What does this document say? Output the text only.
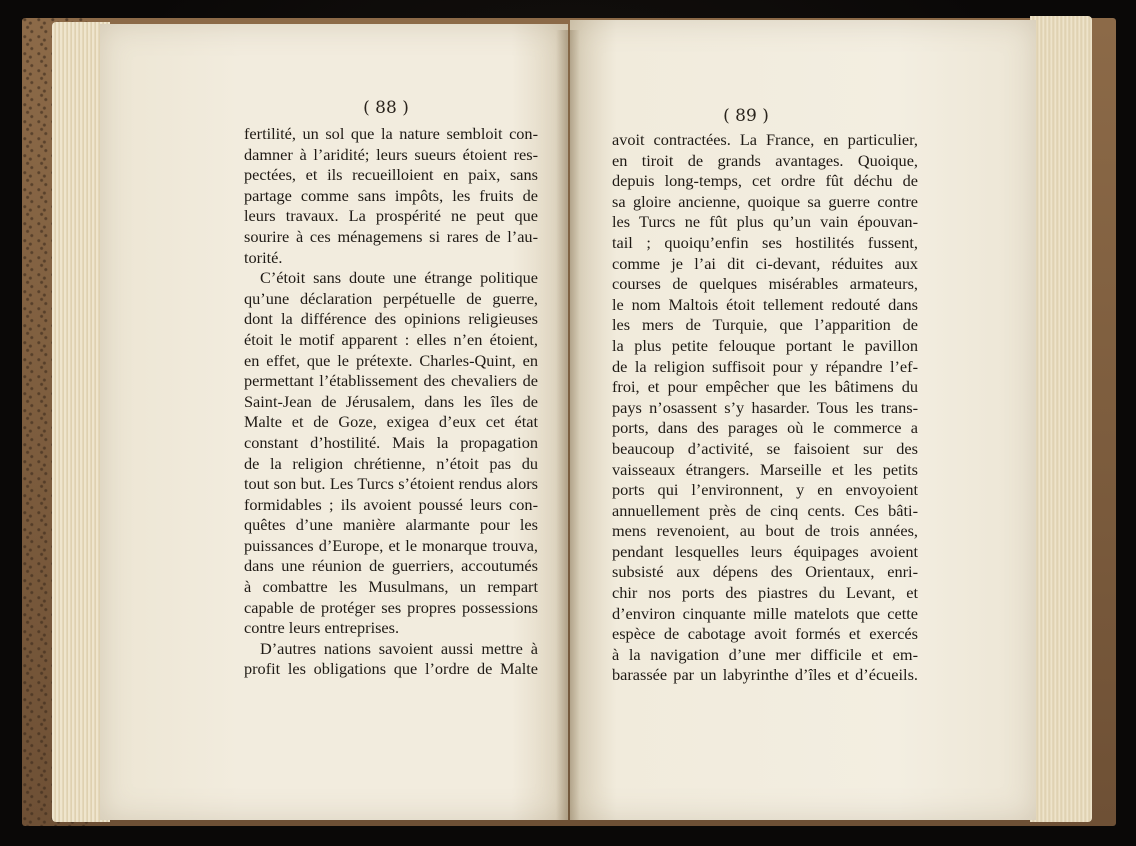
( 88 )
fertilité, un sol que la nature sembloit con-
damner à l’aridité; leurs sueurs étoient res-
pectées, et ils recueilloient en paix, sans
partage comme sans impôts, les fruits de
leurs travaux. La prospérité ne peut que
sourire à ces ménagemens si rares de l’au-
torité.
C’étoit sans doute une étrange politique
qu’une déclaration perpétuelle de guerre,
dont la différence des opinions religieuses
étoit le motif apparent : elles n’en étoient,
en effet, que le prétexte. Charles-Quint, en
permettant l’établissement des chevaliers de
Saint-Jean de Jérusalem, dans les îles de
Malte et de Goze, exigea d’eux cet état
constant d’hostilité. Mais la propagation
de la religion chrétienne, n’étoit pas du
tout son but. Les Turcs s’étoient rendus alors
formidables ; ils avoient poussé leurs con-
quêtes d’une manière alarmante pour les
puissances d’Europe, et le monarque trouva,
dans une réunion de guerriers, accoutumés
à combattre les Musulmans, un rempart
capable de protéger ses propres possessions
contre leurs entreprises.
D’autres nations savoient aussi mettre à
profit les obligations que l’ordre de Malte
( 89 )
avoit contractées. La France, en particulier,
en tiroit de grands avantages. Quoique,
depuis long-temps, cet ordre fût déchu de
sa gloire ancienne, quoique sa guerre contre
les Turcs ne fût plus qu’un vain épouvan-
tail ; quoiqu’enfin ses hostilités fussent,
comme je l’ai dit ci-devant, réduites aux
courses de quelques misérables armateurs,
le nom Maltois étoit tellement redouté dans
les mers de Turquie, que l’apparition de
la plus petite felouque portant le pavillon
de la religion suffisoit pour y répandre l’ef-
froi, et pour empêcher que les bâtimens du
pays n’osassent s’y hasarder. Tous les trans-
ports, dans des parages où le commerce a
beaucoup d’activité, se faisoient sur des
vaisseaux étrangers. Marseille et les petits
ports qui l’environnent, y en envoyoient
annuellement près de cinq cents. Ces bâti-
mens revenoient, au bout de trois années,
pendant lesquelles leurs équipages avoient
subsisté aux dépens des Orientaux, enri-
chir nos ports des piastres du Levant, et
d’environ cinquante mille matelots que cette
espèce de cabotage avoit formés et exercés
à la navigation d’une mer difficile et em-
barassée par un labyrinthe d’îles et d’écueils.
